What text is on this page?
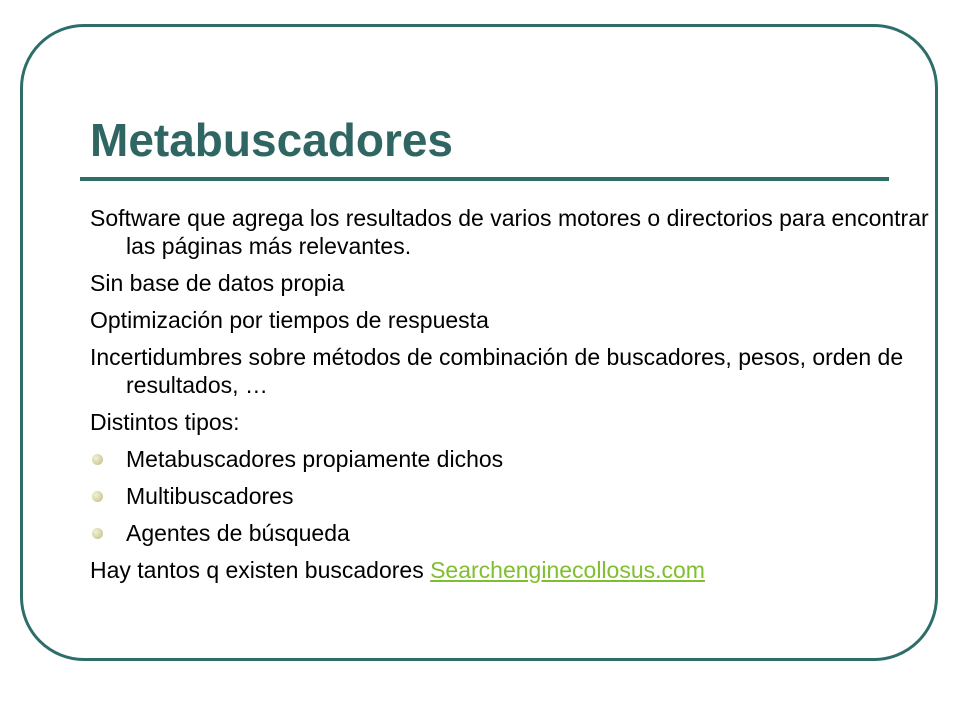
Metabuscadores

Software que agrega los resultados de varios motores o directorios para encontrar las páginas más relevantes.

Sin base de datos propia

Optimización por tiempos de respuesta

Incertidumbres sobre métodos de combinación de buscadores, pesos, orden de resultados, …

Distintos tipos:

Metabuscadores propiamente dichos
Multibuscadores
Agentes de búsqueda

Hay tantos q existen buscadores Searchenginecollosus.com
